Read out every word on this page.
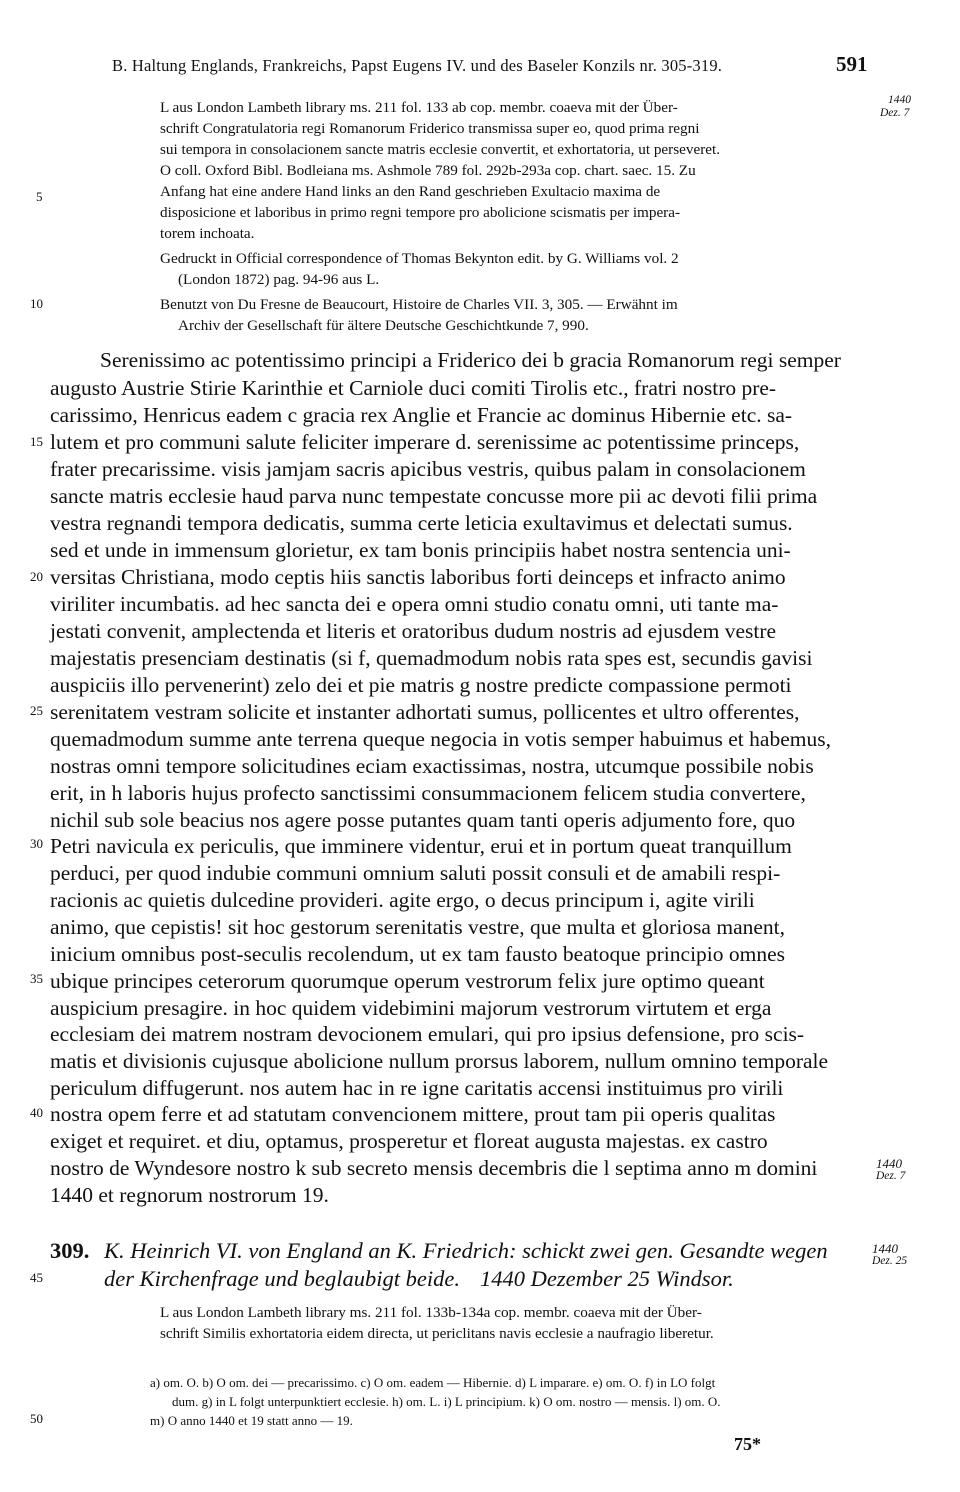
B. Haltung Englands, Frankreichs, Papst Eugens IV. und des Baseler Konzils nr. 305-319.	591
1440
Dez. 7
1440
Dez. 7
1440
Dez. 25
5
10
15
20
25
30
35
40
45
50
L aus London Lambeth library ms. 211 fol. 133 ab cop. membr. coaeva mit der Über-
schrift Congratulatoria regi Romanorum Friderico transmissa super eo, quod prima regni
sui tempora in consolacionem sancte matris ecclesie convertit, et exhortatoria, ut perseveret.
O coll. Oxford Bibl. Bodleiana ms. Ashmole 789 fol. 292b-293a cop. chart. saec. 15. Zu
Anfang hat eine andere Hand links an den Rand geschrieben Exultacio maxima de
disposicione et laboribus in primo regni tempore pro abolicione scismatis per impera-
torem inchoata.
Gedruckt in Official correspondence of Thomas Bekynton edit. by G. Williams vol. 2
(London 1872) pag. 94-96 aus L.
Benutzt von Du Fresne de Beaucourt, Histoire de Charles VII. 3, 305. — Erwähnt im
Archiv der Gesellschaft für ältere Deutsche Geschichtkunde 7, 990.
Serenissimo ac potentissimo principi a Friderico dei b gracia Romanorum regi semper
augusto Austrie Stirie Karinthie et Carniole duci comiti Tirolis etc., fratri nostro pre-
carissimo, Henricus eadem c gracia rex Anglie et Francie ac dominus Hibernie etc. sa-
lutem et pro communi salute feliciter imperare d. serenissime ac potentissime princeps,
frater precarissime. visis jamjam sacris apicibus vestris, quibus palam in consolacionem
sancte matris ecclesie haud parva nunc tempestate concusse more pii ac devoti filii prima
vestra regnandi tempora dedicatis, summa certe leticia exultavimus et delectati sumus.
sed et unde in immensum glorietur, ex tam bonis principiis habet nostra sentencia uni-
versitas Christiana, modo ceptis hiis sanctis laboribus forti deinceps et infracto animo
viriliter incumbatis. ad hec sancta dei e opera omni studio conatu omni, uti tante ma-
jestati convenit, amplectenda et literis et oratoribus dudum nostris ad ejusdem vestre
majestatis presenciam destinatis (si f, quemadmodum nobis rata spes est, secundis gavisi
auspiciis illo pervenerint) zelo dei et pie matris g nostre predicte compassione permoti
serenitatem vestram solicite et instanter adhortati sumus, pollicentes et ultro offerentes,
quemadmodum summe ante terrena queque negocia in votis semper habuimus et habemus,
nostras omni tempore solicitudines eciam exactissimas, nostra, utcumque possibile nobis
erit, in h laboris hujus profecto sanctissimi consummacionem felicem studia convertere,
nichil sub sole beacius nos agere posse putantes quam tanti operis adjumento fore, quo
Petri navicula ex periculis, que imminere videntur, erui et in portum queat tranquillum
perduci, per quod indubie communi omnium saluti possit consuli et de amabili respi-
racionis ac quietis dulcedine provideri. agite ergo, o decus principum i, agite virili
animo, que cepistis! sit hoc gestorum serenitatis vestre, que multa et gloriosa manent,
inicium omnibus post-seculis recolendum, ut ex tam fausto beatoque principio omnes
ubique principes ceterorum quorumque operum vestrorum felix jure optimo queant
auspicium presagire. in hoc quidem videbimini majorum vestrorum virtutem et erga
ecclesiam dei matrem nostram devocionem emulari, qui pro ipsius defensione, pro scis-
matis et divisionis cujusque abolicione nullum prorsus laborem, nullum omnino temporale
periculum diffugerunt. nos autem hac in re igne caritatis accensi instituimus pro virili
nostra opem ferre et ad statutam convencionem mittere, prout tam pii operis qualitas
exiget et requiret. et diu, optamus, prosperetur et floreat augusta majestas. ex castro
nostro de Wyndesore nostro k sub secreto mensis decembris die l septima anno m domini
1440 et regnorum nostrorum 19.
309. K. Heinrich VI. von England an K. Friedrich: schickt zwei gen. Gesandte wegen
der Kirchenfrage und beglaubigt beide. 1440 Dezember 25 Windsor.
L aus London Lambeth library ms. 211 fol. 133b-134a cop. membr. coaeva mit der Über-
schrift Similis exhortatoria eidem directa, ut periclitans navis ecclesie a naufragio liberetur.
a) om. O. b) O om. dei — precarissimo. c) O om. eadem — Hibernie. d) L imparare. e) om. O. f) in LO folgt
dum. g) in L folgt unterpunktiert ecclesie. h) om. L. i) L principium. k) O om. nostro — mensis. l) om. O.
m) O anno 1440 et 19 statt anno — 19.
75*
